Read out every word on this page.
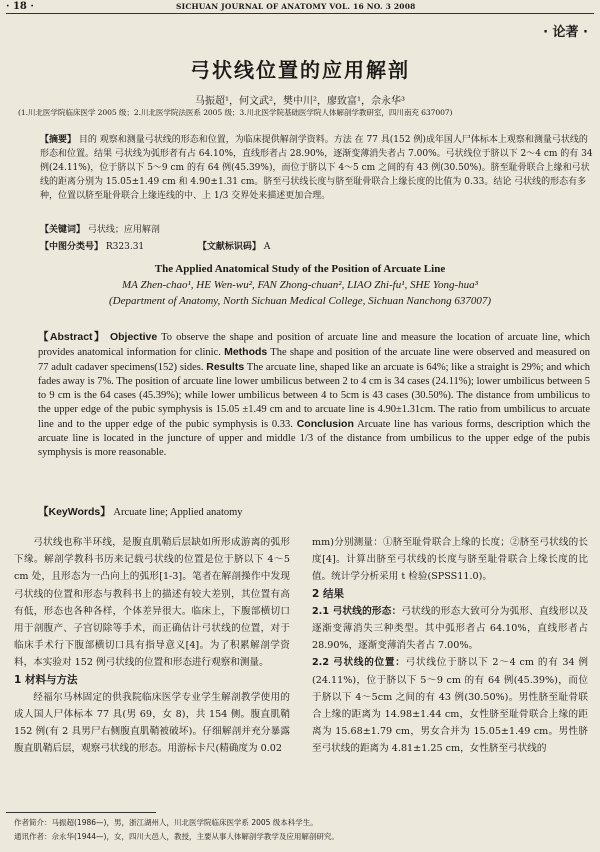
· 18 ·	SICHUAN JOURNAL OF ANATOMY VOL. 16 NO. 3 2008
· 论著 ·
弓状线位置的应用解剖
马振超¹，何文武²，樊中川²，廖致富¹，佘永华³
(1.川北医学院临床医学 2005 级；2.川北医学院法医系 2005 级；3.川北医学院基础医学院人体解剖学教研室，四川南充 637007)
【摘要】 目的 观察和测量弓状线的形态和位置，为临床提供解剖学资料。方法 在 77 具(152 例)成年国人尸体标本上观察和测量弓状线的形态和位置。结果 弓状线为弧形者有占 64.10%，直线形者占 28.90%，逐渐变薄消失者占 7.00%。弓状线位于脐以下 2～4 cm 的有 34 例(24.11%)，位于脐以下 5～9 cm 的有 64 例(45.39%)，而位于脐以下 4～5 cm 之间的有 43 例(30.50%)。脐至耻骨联合上缘和弓状线的距离分别为 15.05±1.49 cm 和 4.90±1.31 cm。脐至弓状线长度与脐至耻骨联合上缘长度的比值为 0.33。结论 弓状线的形态有多种，位置以脐至耻骨联合上缘连线的中、上 1/3 交界处来描述更加合理。
【关键词】 弓状线；应用解剖
【中图分类号】 R323.31	【文献标识码】 A
The Applied Anatomical Study of the Position of Arcuate Line
MA Zhen-chao¹, HE Wen-wu², FAN Zhong-chuan², LIAO Zhi-fu¹, SHE Yong-hua³
(Department of Anatomy, North Sichuan Medical College, Sichuan Nanchong 637007)
【Abstract】 Objective To observe the shape and position of arcuate line and measure the location of arcuate line, which provides anatomical information for clinic. Methods The shape and position of the arcuate line were observed and measured on 77 adult cadaver specimens(152) sides. Results The arcuate line, shaped like an arcuate is 64%; like a straight is 29%; and which fades away is 7%. The position of arcuate line lower umbilicus between 2 to 4 cm is 34 cases (24.11%); lower umbilicus between 5 to 9 cm is the 64 cases (45.39%); while lower umbilicus between 4 to 5cm is 43 cases (30.50%). The distance from umbilicus to the upper edge of the pubic symphysis is 15.05 ±1.49 cm and to arcuate line is 4.90±1.31cm. The ratio from umbilicus to arcuate line and to the upper edge of the pubic symphysis is 0.33. Conclusion Arcuate line has various forms, description which the arcuate line is located in the juncture of upper and middle 1/3 of the distance from umbilicus to the upper edge of the pubis symphysis is more reasonable.
【KeyWords】 Arcuate line; Applied anatomy

弓状线也称半环线，是腹直肌鞘后层缺如所形成游离的弧形下缘。解剖学教科书历来记载弓状线的位置是位于脐以下 4～5 cm 处，且形态为一凸向上的弧形[1-3]。笔者在解剖操作中发现弓状线的位置和形态与教科书上的描述有较大差别，其位置有高有低，形态也各种各样，个体差异很大。临床上，下腹部横切口用于剖腹产、子宫切除等手术，而正确估计弓状线的位置，对于临床手术行下腹部横切口具有指导意义[4]。为了积累解剖学资料，本实验对 152 例弓状线的位置和形态进行观察和测量。

1 材料与方法

经福尔马林固定的供我院临床医学专业学生解剖教学使用的成人国人尸体标本 77 具(男 69，女 8)，共 154 侧。腹直肌鞘 152 例(有 2 具男尸右侧腹直肌鞘被破坏)。仔细解剖并充分暴露腹直肌鞘后层，观察弓状线的形态。用游标卡尺(精确度为 0.02

mm)分别测量：①脐至耻骨联合上缘的长度；②脐至弓状线的长度[4]。计算出脐至弓状线的长度与脐至耻骨联合上缘长度的比值。统计学分析采用 t 检验(SPSS11.0)。

2 结果

2.1 弓状线的形态：弓状线的形态大致可分为弧形、直线形以及逐渐变薄消失三种类型。其中弧形者占 64.10%，直线形者占 28.90%，逐渐变薄消失者占 7.00%。

2.2 弓状线的位置：弓状线位于脐以下 2～4 cm 的有 34 例(24.11%)，位于脐以下 5～9 cm 的有 64 例(45.39%)，而位于脐以下 4～5cm 之间的有 43 例(30.50%)。男性脐至耻骨联合上缘的距离为 14.98±1.44 cm，女性脐至耻骨联合上缘的距离为 15.68±1.79 cm，男女合并为 15.05±1.49 cm。男性脐至弓状线的距离为 4.81±1.25 cm，女性脐至弓状线的

作者简介：马振超(1986—)，男，浙江湖州人，川北医学院临床医学系 2005 级本科学生。
通讯作者：佘永华(1944—)，女，四川大邑人，教授，主要从事人体解剖学教学及应用解剖研究。
